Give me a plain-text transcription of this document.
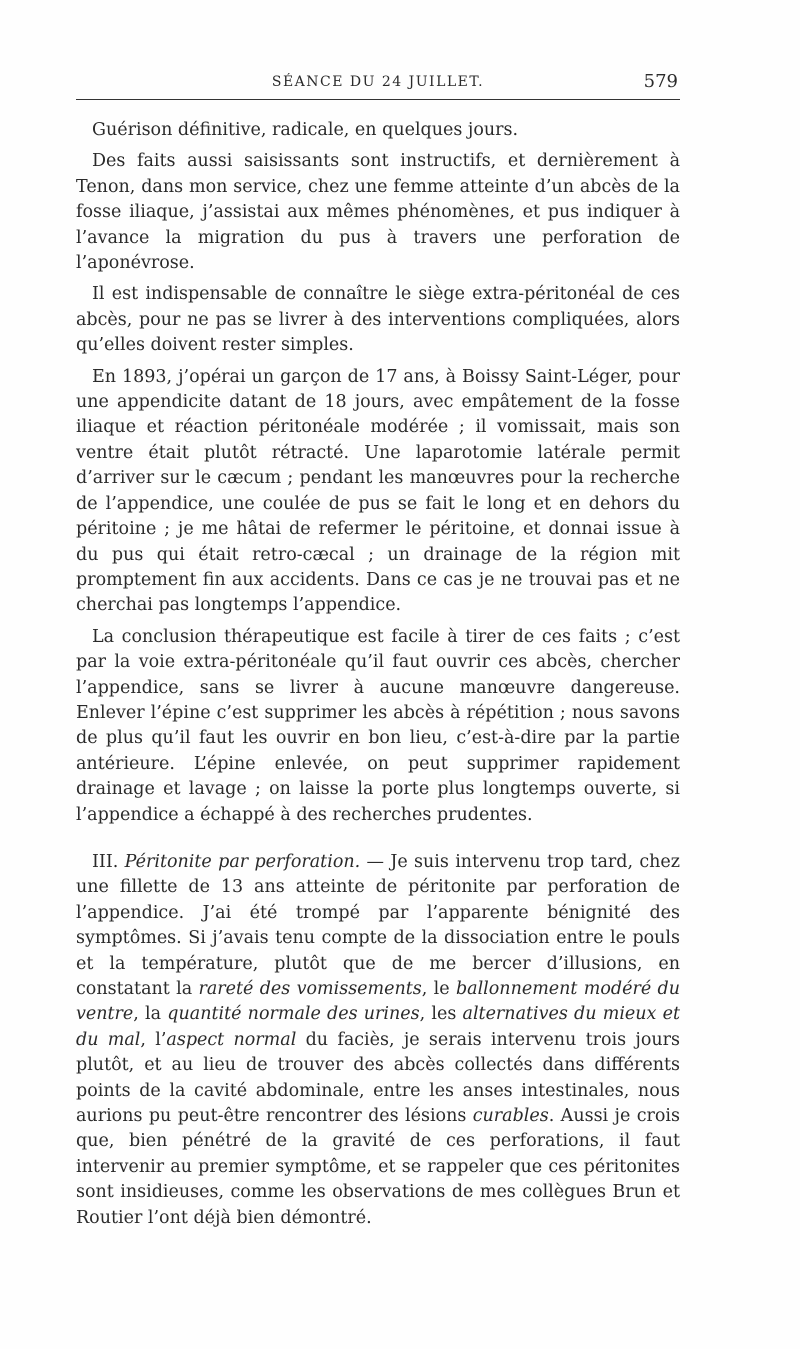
SÉANCE DU 24 JUILLET.	579

Guérison définitive, radicale, en quelques jours.

Des faits aussi saisissants sont instructifs, et dernièrement à Tenon, dans mon service, chez une femme atteinte d’un abcès de la fosse iliaque, j’assistai aux mêmes phénomènes, et pus indiquer à l’avance la migration du pus à travers une perforation de l’aponévrose.

Il est indispensable de connaître le siège extra-péritonéal de ces abcès, pour ne pas se livrer à des interventions compliquées, alors qu’elles doivent rester simples.

En 1893, j’opérai un garçon de 17 ans, à Boissy Saint-Léger, pour une appendicite datant de 18 jours, avec empâtement de la fosse iliaque et réaction péritonéale modérée ; il vomissait, mais son ventre était plutôt rétracté. Une laparotomie latérale permit d’arriver sur le cæcum ; pendant les manœuvres pour la recherche de l’appendice, une coulée de pus se fait le long et en dehors du péritoine ; je me hâtai de refermer le péritoine, et donnai issue à du pus qui était retro-cæcal ; un drainage de la région mit promptement fin aux accidents. Dans ce cas je ne trouvai pas et ne cherchai pas longtemps l’appendice.

La conclusion thérapeutique est facile à tirer de ces faits ; c’est par la voie extra-péritonéale qu’il faut ouvrir ces abcès, chercher l’appendice, sans se livrer à aucune manœuvre dangereuse. Enlever l’épine c’est supprimer les abcès à répétition ; nous savons de plus qu’il faut les ouvrir en bon lieu, c’est-à-dire par la partie antérieure. L’épine enlevée, on peut supprimer rapidement drainage et lavage ; on laisse la porte plus longtemps ouverte, si l’appendice a échappé à des recherches prudentes.

III. Péritonite par perforation. — Je suis intervenu trop tard, chez une fillette de 13 ans atteinte de péritonite par perforation de l’appendice. J’ai été trompé par l’apparente bénignité des symptômes. Si j’avais tenu compte de la dissociation entre le pouls et la température, plutôt que de me bercer d’illusions, en constatant la rareté des vomissements, le ballonnement modéré du ventre, la quantité normale des urines, les alternatives du mieux et du mal, l’aspect normal du faciès, je serais intervenu trois jours plutôt, et au lieu de trouver des abcès collectés dans différents points de la cavité abdominale, entre les anses intestinales, nous aurions pu peut-être rencontrer des lésions curables. Aussi je crois que, bien pénétré de la gravité de ces perforations, il faut intervenir au premier symptôme, et se rappeler que ces péritonites sont insidieuses, comme les observations de mes collègues Brun et Routier l’ont déjà bien démontré.
